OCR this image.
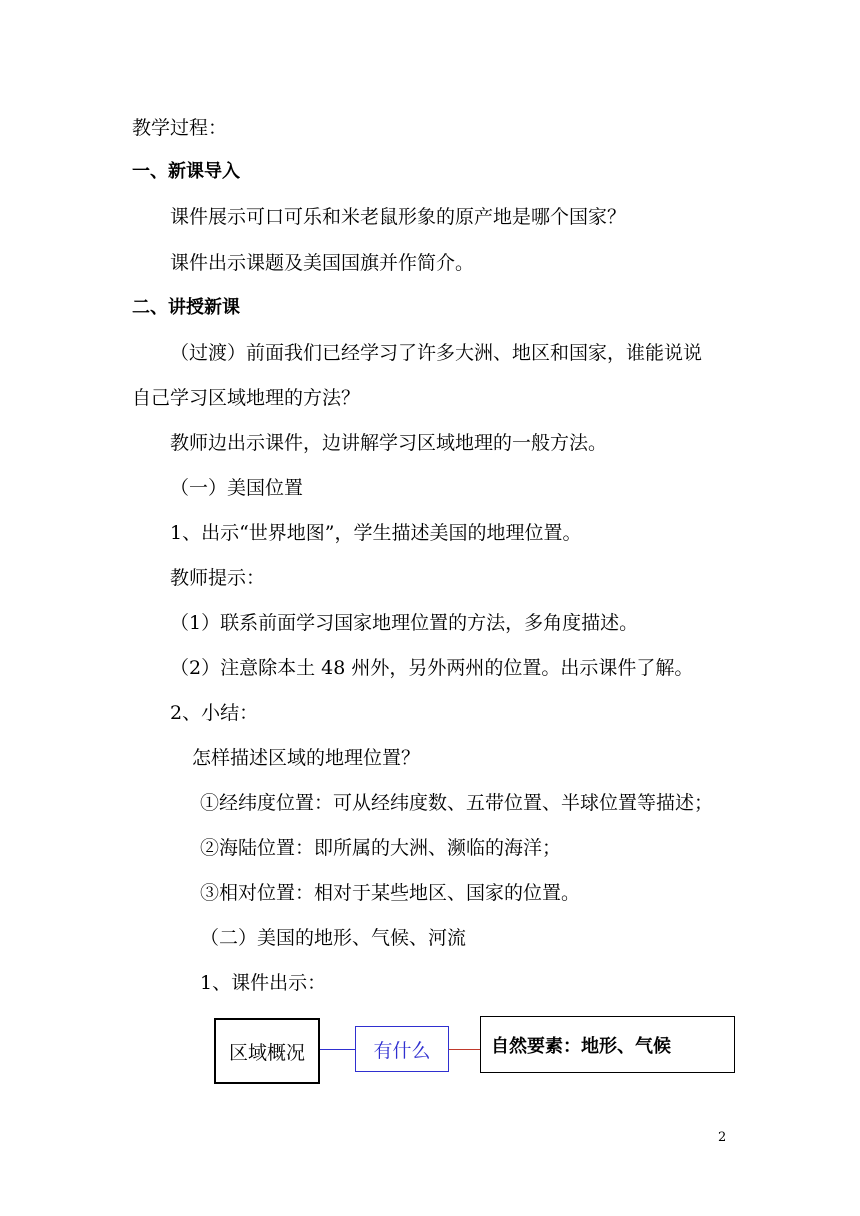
教学过程：
一、新课导入
课件展示可口可乐和米老鼠形象的原产地是哪个国家？
课件出示课题及美国国旗并作简介。
二、讲授新课
（过渡）前面我们已经学习了许多大洲、地区和国家，谁能说说
自己学习区域地理的方法？
教师边出示课件，边讲解学习区域地理的一般方法。
（一）美国位置
1、出示“世界地图”，学生描述美国的地理位置。
教师提示：
（1）联系前面学习国家地理位置的方法，多角度描述。
（2）注意除本土 48 州外，另外两州的位置。出示课件了解。
2、小结：
怎样描述区域的地理位置？
①经纬度位置：可从经纬度数、五带位置、半球位置等描述；
②海陆位置：即所属的大洲、濒临的海洋；
③相对位置：相对于某些地区、国家的位置。
（二）美国的地形、气候、河流
1、课件出示：
区域概况	有什么	自然要素：地形、气候
2
